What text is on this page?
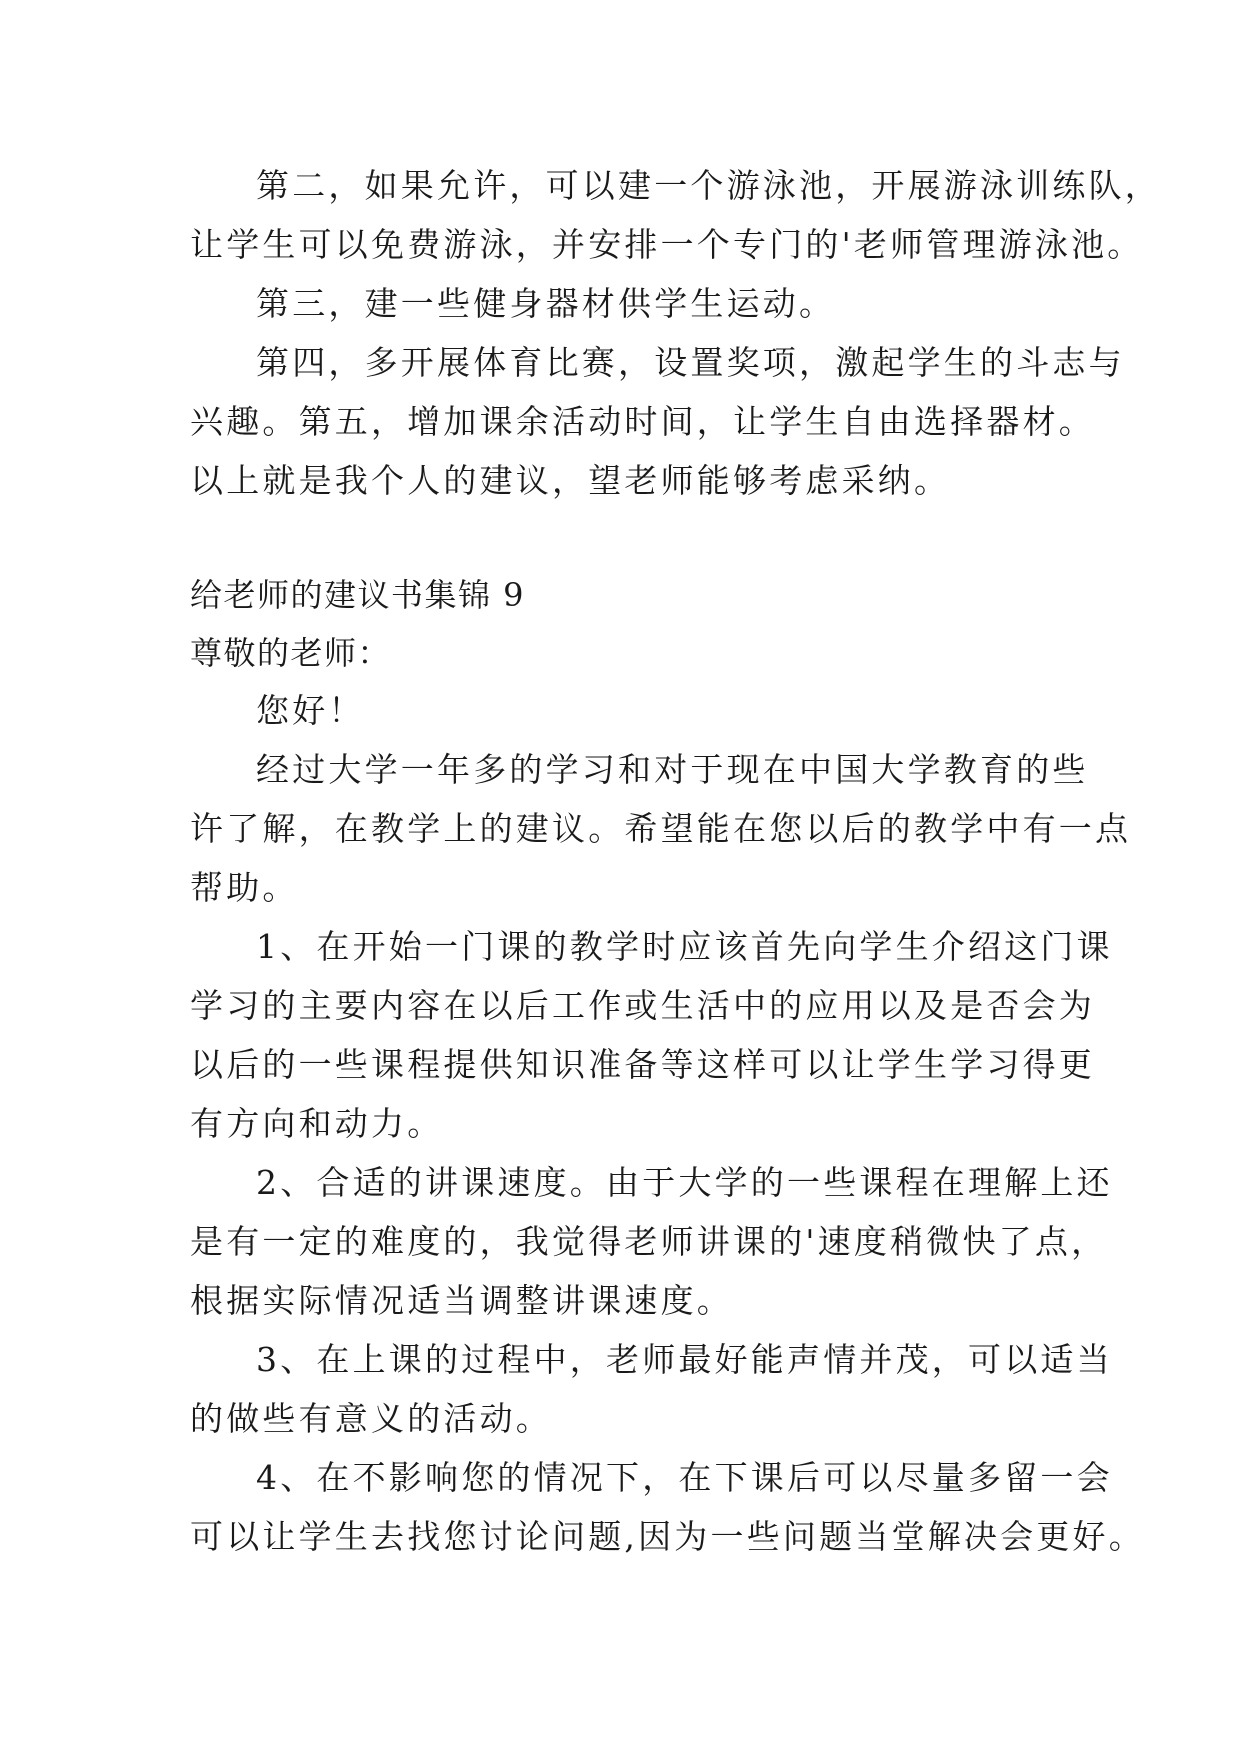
第二，如果允许，可以建一个游泳池，开展游泳训练队，
让学生可以免费游泳，并安排一个专门的'老师管理游泳池。
第三，建一些健身器材供学生运动。
第四，多开展体育比赛，设置奖项，激起学生的斗志与
兴趣。第五，增加课余活动时间，让学生自由选择器材。
以上就是我个人的建议，望老师能够考虑采纳。
给老师的建议书集锦 9
尊敬的老师：
您好！
经过大学一年多的学习和对于现在中国大学教育的些
许了解，在教学上的建议。希望能在您以后的教学中有一点
帮助。
1、在开始一门课的教学时应该首先向学生介绍这门课
学习的主要内容在以后工作或生活中的应用以及是否会为
以后的一些课程提供知识准备等这样可以让学生学习得更
有方向和动力。
2、合适的讲课速度。由于大学的一些课程在理解上还
是有一定的难度的，我觉得老师讲课的'速度稍微快了点，
根据实际情况适当调整讲课速度。
3、在上课的过程中，老师最好能声情并茂，可以适当
的做些有意义的活动。
4、在不影响您的情况下，在下课后可以尽量多留一会
可以让学生去找您讨论问题,因为一些问题当堂解决会更好。
